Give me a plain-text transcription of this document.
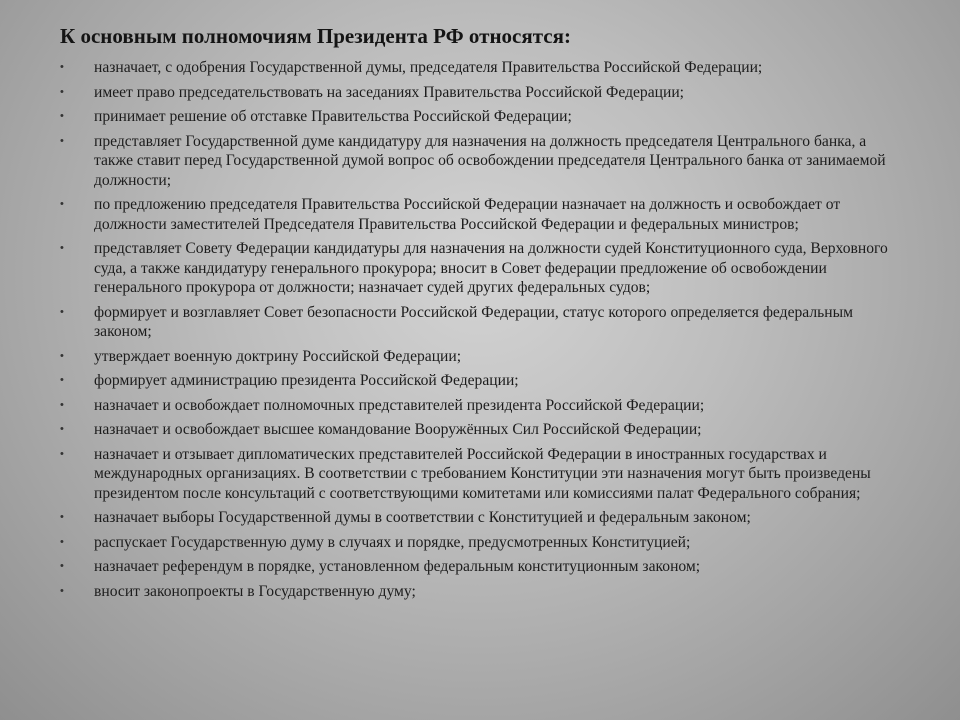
К основным полномочиям Президента РФ относятся:
•	назначает, с одобрения Государственной думы, председателя Правительства Российской Федерации;
•	имеет право председательствовать на заседаниях Правительства Российской Федерации;
•	принимает решение об отставке Правительства Российской Федерации;
•	представляет Государственной думе кандидатуру для назначения на должность председателя Центрального банка, а также ставит перед Государственной думой вопрос об освобождении председателя Центрального банка от занимаемой должности;
•	по предложению председателя Правительства Российской Федерации назначает на должность и освобождает от должности заместителей Председателя Правительства Российской Федерации и федеральных министров;
•	представляет Совету Федерации кандидатуры для назначения на должности судей Конституционного суда, Верховного суда, а также кандидатуру генерального прокурора; вносит в Совет федерации предложение об освобождении генерального прокурора от должности; назначает судей других федеральных судов;
•	формирует и возглавляет Совет безопасности Российской Федерации, статус которого определяется федеральным законом;
•	утверждает военную доктрину Российской Федерации;
•	формирует администрацию президента Российской Федерации;
•	назначает и освобождает полномочных представителей президента Российской Федерации;
•	назначает и освобождает высшее командование Вооружённых Сил Российской Федерации;
•	назначает и отзывает дипломатических представителей Российской Федерации в иностранных государствах и международных организациях. В соответствии с требованием Конституции эти назначения могут быть произведены президентом после консультаций с соответствующими комитетами или комиссиями палат Федерального собрания;
•	назначает выборы Государственной думы в соответствии с Конституцией и федеральным законом;
•	распускает Государственную думу в случаях и порядке, предусмотренных Конституцией;
•	назначает референдум в порядке, установленном федеральным конституционным законом;
•	вносит законопроекты в Государственную думу;
